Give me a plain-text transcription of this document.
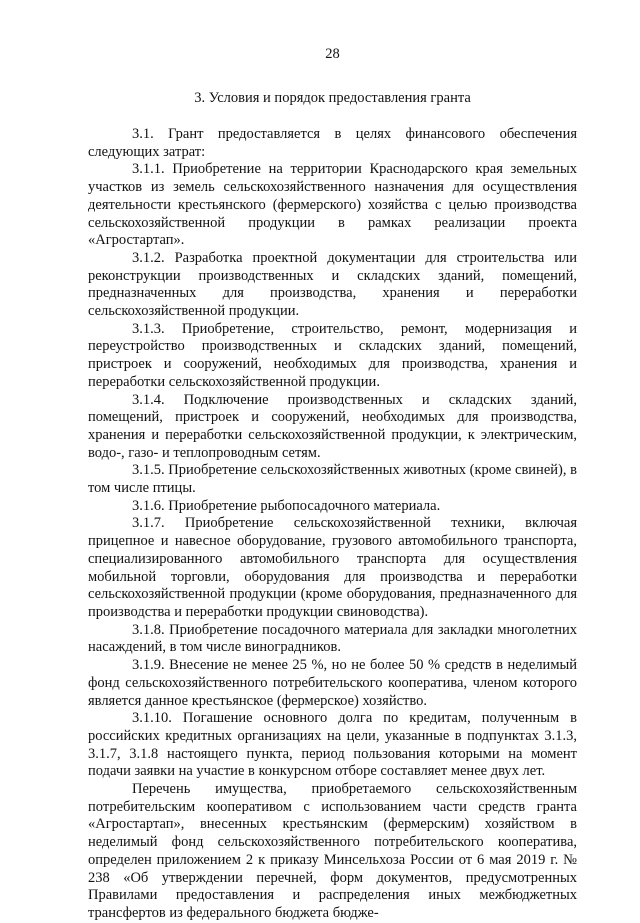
28
3. Условия и порядок предоставления гранта

3.1. Грант предоставляется в целях финансового обеспечения следующих затрат:

3.1.1. Приобретение на территории Краснодарского края земельных участков из земель сельскохозяйственного назначения для осуществления деятельности крестьянского (фермерского) хозяйства с целью производства сельскохозяйственной продукции в рамках реализации проекта «Агростартап».

3.1.2. Разработка проектной документации для строительства или реконструкции производственных и складских зданий, помещений, предназначенных для производства, хранения и переработки сельскохозяйственной продукции.

3.1.3. Приобретение, строительство, ремонт, модернизация и переустройство производственных и складских зданий, помещений, пристроек и сооружений, необходимых для производства, хранения и переработки сельскохозяйственной продукции.

3.1.4. Подключение производственных и складских зданий, помещений, пристроек и сооружений, необходимых для производства, хранения и переработки сельскохозяйственной продукции, к электрическим, водо-, газо- и теплопроводным сетям.

3.1.5. Приобретение сельскохозяйственных животных (кроме свиней), в том числе птицы.

3.1.6. Приобретение рыбопосадочного материала.

3.1.7. Приобретение сельскохозяйственной техники, включая прицепное и навесное оборудование, грузового автомобильного транспорта, специализированного автомобильного транспорта для осуществления мобильной торговли, оборудования для производства и переработки сельскохозяйственной продукции (кроме оборудования, предназначенного для производства и переработки продукции свиноводства).

3.1.8. Приобретение посадочного материала для закладки многолетних насаждений, в том числе виноградников.

3.1.9. Внесение не менее 25 %, но не более 50 % средств в неделимый фонд сельскохозяйственного потребительского кооператива, членом которого является данное крестьянское (фермерское) хозяйство.

3.1.10. Погашение основного долга по кредитам, полученным в российских кредитных организациях на цели, указанные в подпунктах 3.1.3, 3.1.7, 3.1.8 настоящего пункта, период пользования которыми на момент подачи заявки на участие в конкурсном отборе составляет менее двух лет.

Перечень имущества, приобретаемого сельскохозяйственным потребительским кооперативом с использованием части средств гранта «Агростартап», внесенных крестьянским (фермерским) хозяйством в неделимый фонд сельскохозяйственного потребительского кооператива, определен приложением 2 к приказу Минсельхоза России от 6 мая 2019 г. № 238 «Об утверждении перечней, форм документов, предусмотренных Правилами предоставления и распределения иных межбюджетных трансфертов из федерального бюджета бюдже-
